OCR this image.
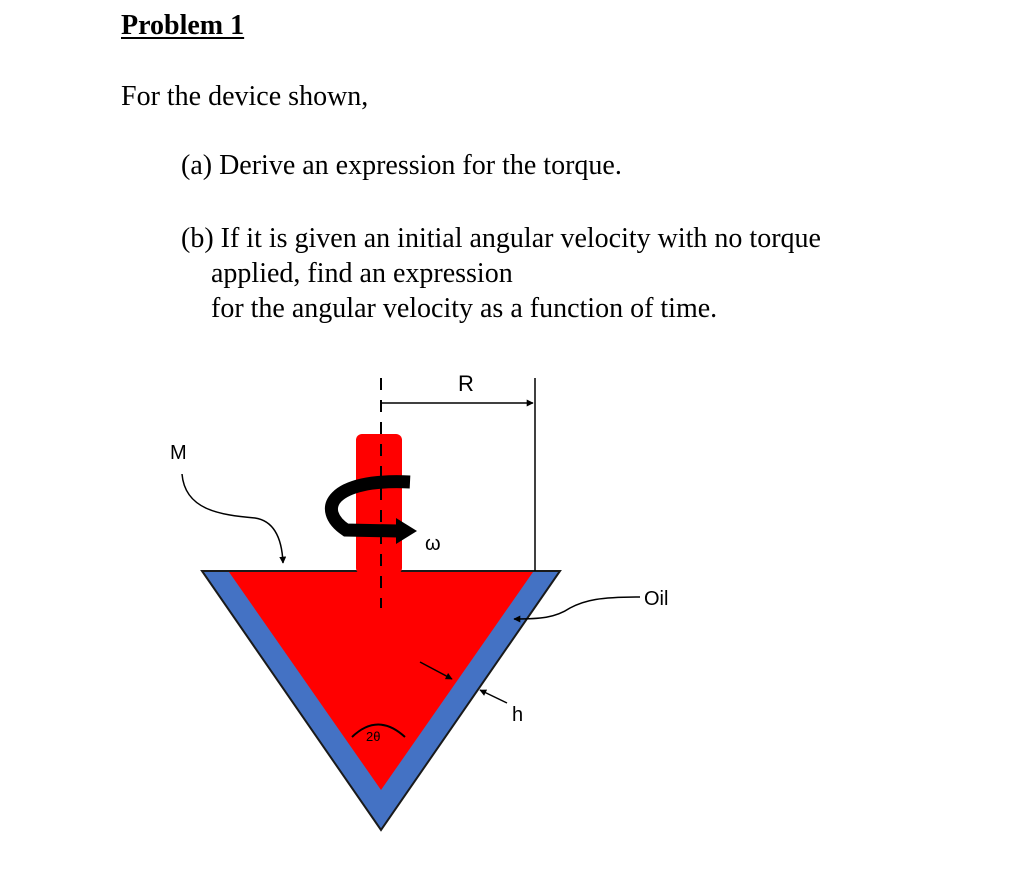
Problem 1
For the device shown,
(a) Derive an expression for the torque.
(b) If it is given an initial angular velocity with no torque
applied, find an expression
for the angular velocity as a function of time.
R
M
ω
Oil
h
2θ
